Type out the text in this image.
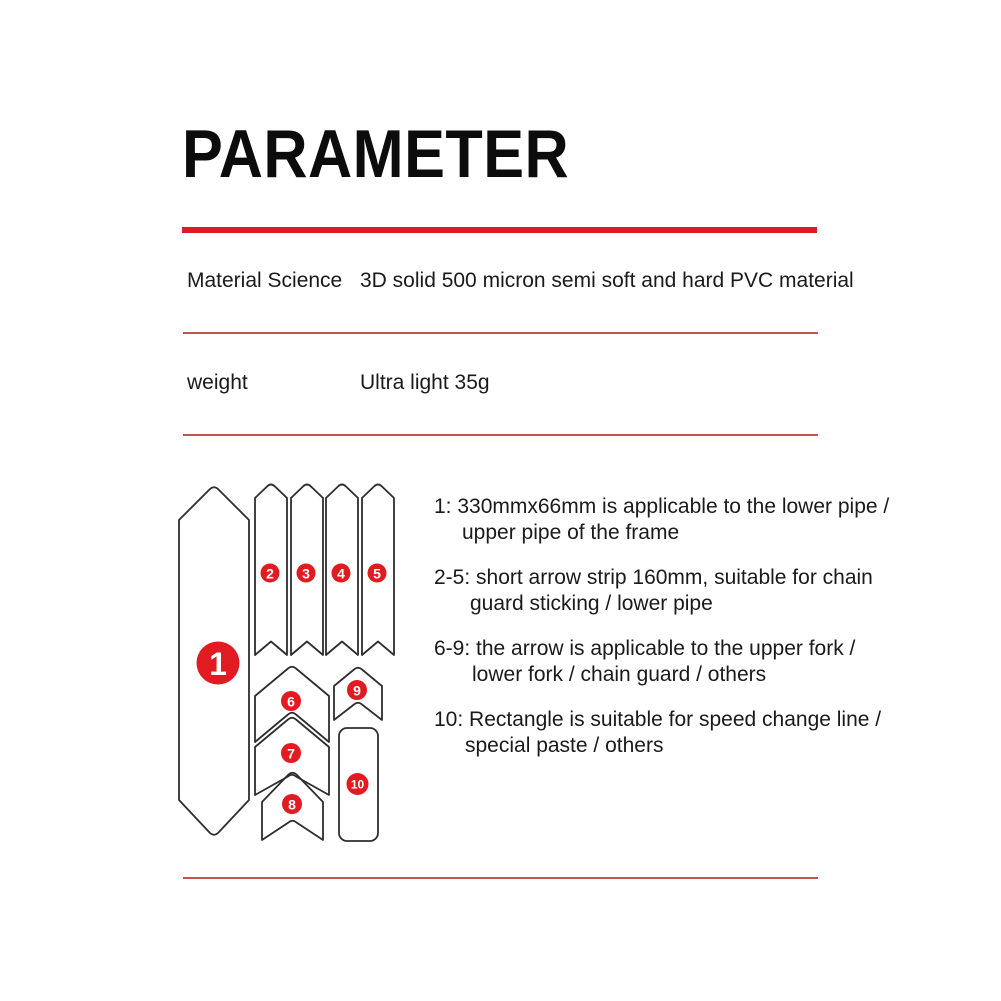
PARAMETER
Material Science 3D solid 500 micron semi soft and hard PVC material
weight	Ultra light 35g
1
2 3 4 5
6
7
8
9
10
1: 330mmx66mm is applicable to the lower pipe /
upper pipe of the frame
2-5: short arrow strip 160mm, suitable for chain
guard sticking / lower pipe
6-9: the arrow is applicable to the upper fork /
lower fork / chain guard / others
10: Rectangle is suitable for speed change line /
special paste / others
